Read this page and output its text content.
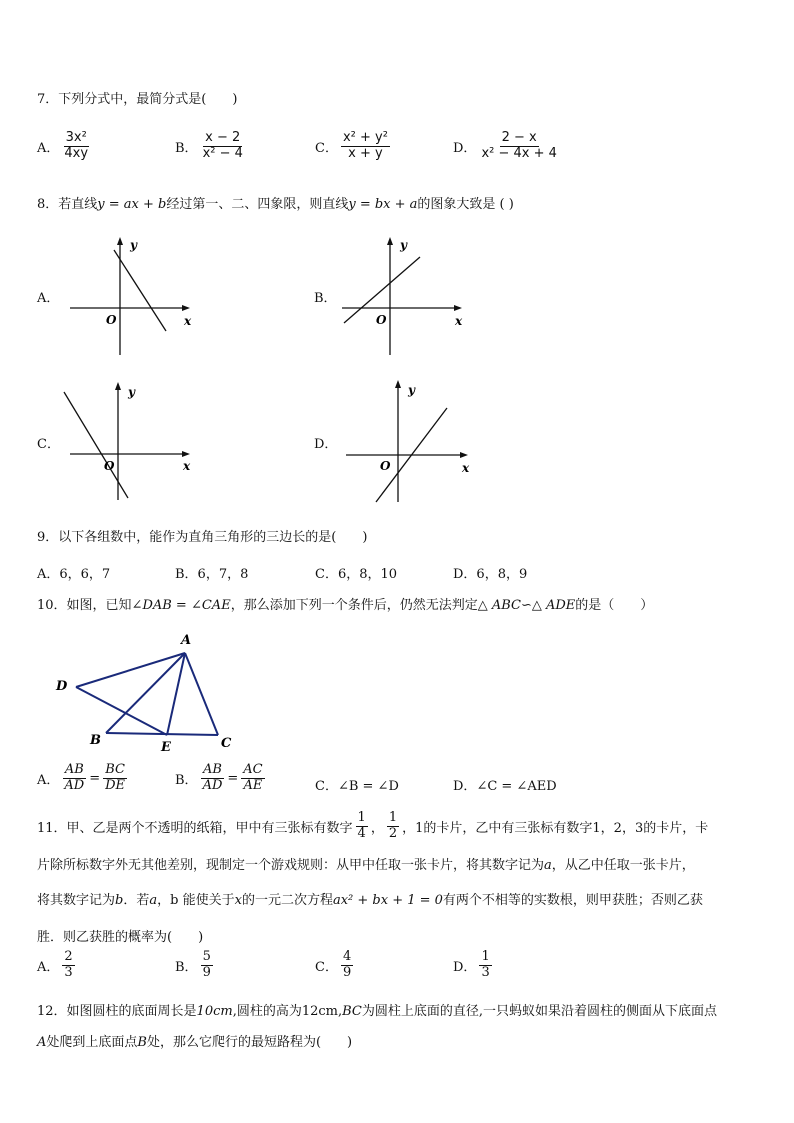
7．下列分式中，最简分式是(　　)
A． $\frac{\text{3x²}}{4xy}$	B． $\frac{x - 2}{\text{x² − 4}}$	C． $\frac{\text{x² + y²}}{x + y}$	D． $\frac{2 - x}{\text{x² − 4x + 4}}$
8．若直线y = ax + b经过第一、二、四象限，则直线y = bx + a的图象大致是 ( )
A．
y
x
O
B．
y
x
O
C．
y
x
O
D．
y
x
O
9．以下各组数中，能作为直角三角形的三边长的是(　　)
A．6，6，7	B．6，7，8	C．6，8，10	D．6，8，9
10．如图，已知∠DAB = ∠CAE，那么添加下列一个条件后，仍然无法判定△ ABC∽△ ADE的是（　　）
A
D
B	E	C
A． $\frac{AB}{AD} = \frac{BC}{DE}$	B． $\frac{AB}{AD} = \frac{AC}{AE}$	C．∠B = ∠D	D．∠C = ∠AED
11．甲、乙是两个不透明的纸箱，甲中有三张标有数字 $\frac{1}{4}$ ， $\frac{1}{2}$ ，1的卡片，乙中有三张标有数字1，2，3的卡片，卡
片除所标数字外无其他差别，现制定一个游戏规则：从甲中任取一张卡片，将其数字记为a，从乙中任取一张卡片，
将其数字记为b．若a，b 能使关于x的一元二次方程ax² + bx + 1 = 0有两个不相等的实数根，则甲获胜；否则乙获
胜．则乙获胜的概率为(　　)
A． $\frac{2}{3}$	B． $\frac{5}{9}$	C． $\frac{4}{9}$	D． $\frac{1}{3}$
12．如图圆柱的底面周长是10cm,圆柱的高为12cm,BC为圆柱上底面的直径,一只蚂蚁如果沿着圆柱的侧面从下底面点
A处爬到上底面点B处，那么它爬行的最短路程为(　　)
